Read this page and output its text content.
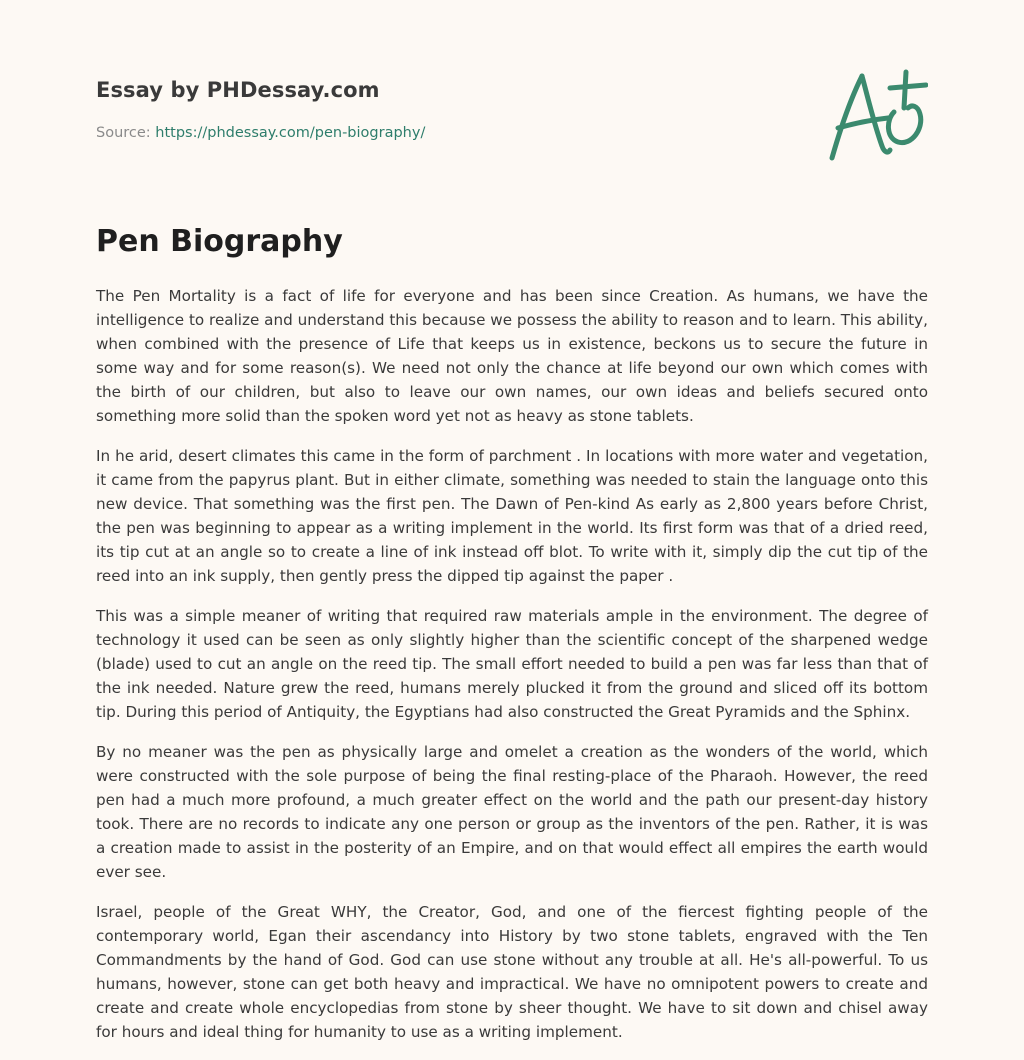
Essay by PHDessay.com
Source: https://phdessay.com/pen-biography/
Pen Biography

The Pen Mortality is a fact of life for everyone and has been since Creation. As humans, we have the intelligence to realize and understand this because we possess the ability to reason and to learn. This ability, when combined with the presence of Life that keeps us in existence, beckons us to secure the future in some way and for some reason(s). We need not only the chance at life beyond our own which comes with the birth of our children, but also to leave our own names, our own ideas and beliefs secured onto something more solid than the spoken word yet not as heavy as stone tablets.

In he arid, desert climates this came in the form of parchment . In locations with more water and vegetation, it came from the papyrus plant. But in either climate, something was needed to stain the language onto this new device. That something was the first pen. The Dawn of Pen-kind As early as 2,800 years before Christ, the pen was beginning to appear as a writing implement in the world. Its first form was that of a dried reed, its tip cut at an angle so to create a line of ink instead off blot. To write with it, simply dip the cut tip of the reed into an ink supply, then gently press the dipped tip against the paper .

This was a simple meaner of writing that required raw materials ample in the environment. The degree of technology it used can be seen as only slightly higher than the scientific concept of the sharpened wedge (blade) used to cut an angle on the reed tip. The small effort needed to build a pen was far less than that of the ink needed. Nature grew the reed, humans merely plucked it from the ground and sliced off its bottom tip. During this period of Antiquity, the Egyptians had also constructed the Great Pyramids and the Sphinx.

By no meaner was the pen as physically large and omelet a creation as the wonders of the world, which were constructed with the sole purpose of being the final resting-place of the Pharaoh. However, the reed pen had a much more profound, a much greater effect on the world and the path our present-day history took. There are no records to indicate any one person or group as the inventors of the pen. Rather, it is was a creation made to assist in the posterity of an Empire, and on that would effect all empires the earth would ever see.

Israel, people of the Great WHY, the Creator, God, and one of the fiercest fighting people of the contemporary world, Egan their ascendancy into History by two stone tablets, engraved with the Ten Commandments by the hand of God. God can use stone without any trouble at all. He's all-powerful. To us humans, however, stone can get both heavy and impractical. We have no omnipotent powers to create and create and create whole encyclopedias from stone by sheer thought. We have to sit down and chisel away for hours and ideal thing for humanity to use as a writing implement.
